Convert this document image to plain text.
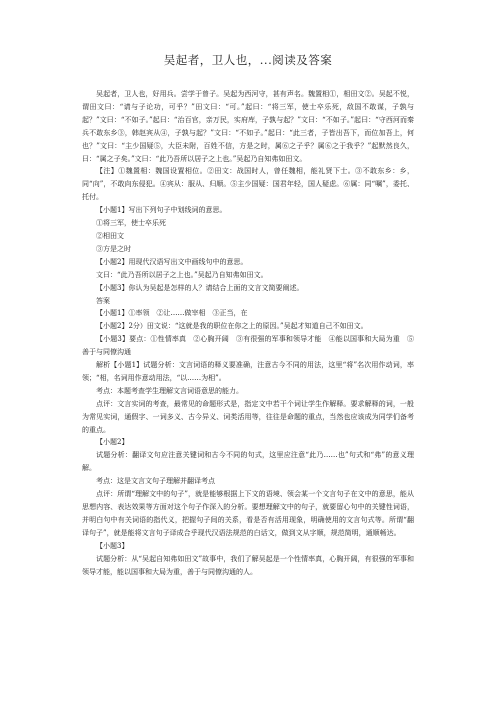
吴起者，卫人也，...阅读及答案

吴起者，卫人也，好用兵。尝学于曾子。吴起为西河守，甚有声名。魏置相①，相田文②。吴起不悦，谓田文曰：“请与子论功，可乎？”田文曰：“可。”起曰：“将三军，使士卒乐死，敌国不敢谋，子孰与起？”文曰：“不如子。”起曰：“治百官，亲万民，实府库，子孰与起？”文曰：“不如子。”起曰：“守西河而秦兵不敢东乡③，韩赵宾从④，子孰与起？”文曰：“不如子。”起曰：“此三者，子皆出吾下，而位加吾上，何也？”文曰：“主少国疑⑤，大臣未附，百姓不信，方是之时，属⑥之子乎？属⑥之于我乎？”起默然良久，曰：“属之子矣。”文曰：“此乃吾所以居子之上也。”吴起乃自知弗如田文。

【注】①魏置相：魏国设置相位。②田文：战国时人，曾任魏相，能礼贤下士。③不敢东乡：乡，同“向”，不敢向东侵犯。④宾从：服从、归顺。⑤主少国疑：国君年轻，国人疑虑。⑥属：同“嘱”，委托、托付。

【小题1】写出下列句子中划线词的意思。

①将三军，使士卒乐死

②相田文

③方是之时

【小题2】用现代汉语写出文中画线句中的意思。

文曰：“此乃吾所以居子之上也。”吴起乃自知弗如田文。

【小题3】你认为吴起是怎样的人？请结合上面的文言文简要阐述。

答案

【小题1】①率领　②让……做宰相　③正当，在

【小题2】2分）田文说：“这就是我的职位在你之上的原因。”吴起才知道自己不如田文。

【小题3】要点：①性情率真　②心胸开阔　③有很强的军事和领导才能　④能以国事和大局为重　⑤善于与同僚沟通

解析【小题1】试题分析：文言词语的释义要准确，注意古今不同的用法，这里“将”名次用作动词，率领；“相，名词用作意动用法，“以……为相”。

考点：本题考查学生理解文言词语意思的能力。

点评：文言实词的考查，最常见的命题形式是，指定文中若干个词让学生作解释。要求解释的词，一般为常见实词，通假字、一词多义、古今异义、词类活用等，往往是命题的重点，当然也应该成为同学们备考的重点。

【小题2】

试题分析：翻译文句应注意关键词和古今不同的句式，这里应注意“此乃……也”句式和“弗”的意义理解。

考点：这是文言文句子理解并翻译考点

点评：所谓“理解文中的句子”，就是能够根据上下文的语境、领会某一个文言句子在文中的意思，能从思想内容、表达效果等方面对这个句子作深入的分析。要想理解文中的句子，就要留心句中的关键性词语，并明白句中有关词语的指代义，把握句子间的关系，看是否有活用现象，明确使用的文言句式等。所谓“翻译句子”，就是能将文言句子译成合乎现代汉语法规范的白话文，做到文从字顺，规范简明，通顺畅达。

【小题3】

试题分析：从“吴起自知弗如田文”故事中，我们了解吴起是一个性情率真，心胸开阔，有很强的军事和领导才能，能以国事和大局为重，善于与同僚沟通的人。
